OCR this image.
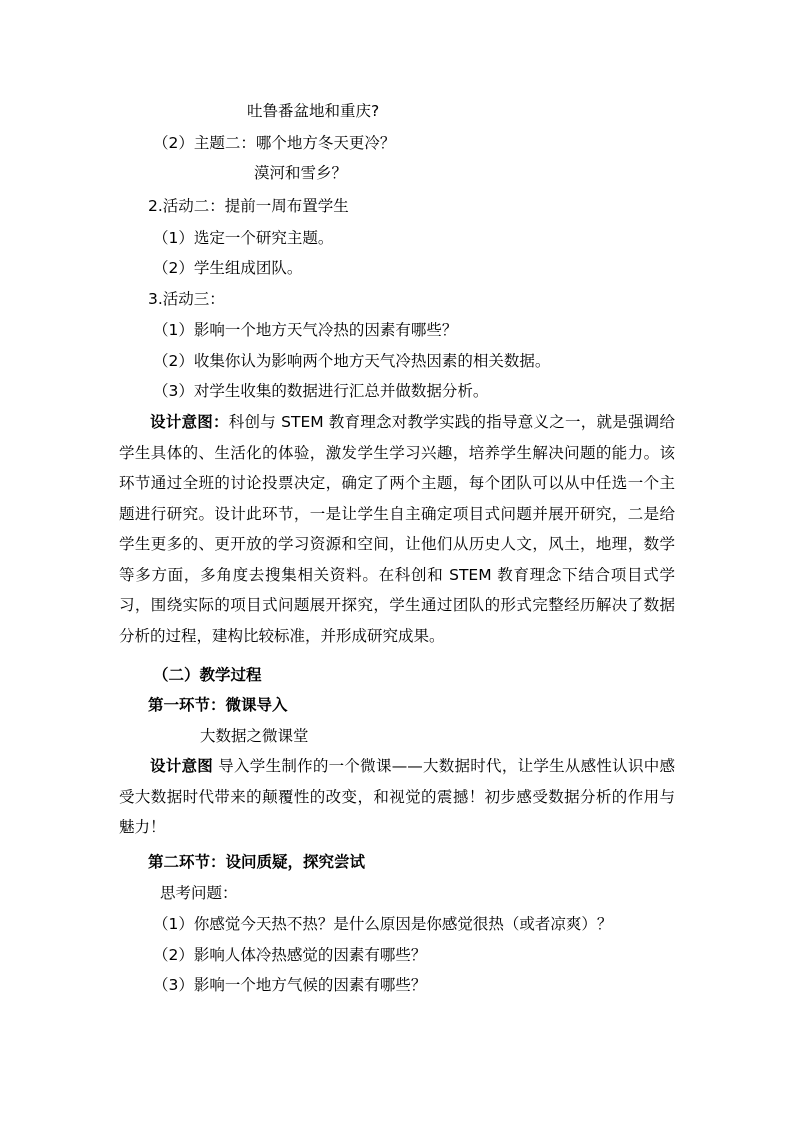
吐鲁番盆地和重庆?
（2）主题二：哪个地方冬天更冷？
漠河和雪乡？
2.活动二：提前一周布置学生
（1）选定一个研究主题。
（2）学生组成团队。
3.活动三：
（1）影响一个地方天气冷热的因素有哪些？
（2）收集你认为影响两个地方天气冷热因素的相关数据。
（3）对学生收集的数据进行汇总并做数据分析。
设计意图：科创与 STEM 教育理念对教学实践的指导意义之一，就是强调给学生具体的、生活化的体验，激发学生学习兴趣，培养学生解决问题的能力。该环节通过全班的讨论投票决定，确定了两个主题，每个团队可以从中任选一个主题进行研究。设计此环节，一是让学生自主确定项目式问题并展开研究，二是给学生更多的、更开放的学习资源和空间，让他们从历史人文，风土，地理，数学等多方面，多角度去搜集相关资料。在科创和 STEM 教育理念下结合项目式学习，围绕实际的项目式问题展开探究，学生通过团队的形式完整经历解决了数据分析的过程，建构比较标准，并形成研究成果。
（二）教学过程
第一环节：微课导入
大数据之微课堂
设计意图 导入学生制作的一个微课——大数据时代，让学生从感性认识中感受大数据时代带来的颠覆性的改变，和视觉的震撼！初步感受数据分析的作用与魅力！
第二环节：设问质疑，探究尝试
思考问题：
（1）你感觉今天热不热？是什么原因是你感觉很热（或者凉爽）？
（2）影响人体冷热感觉的因素有哪些？
（3）影响一个地方气候的因素有哪些？
